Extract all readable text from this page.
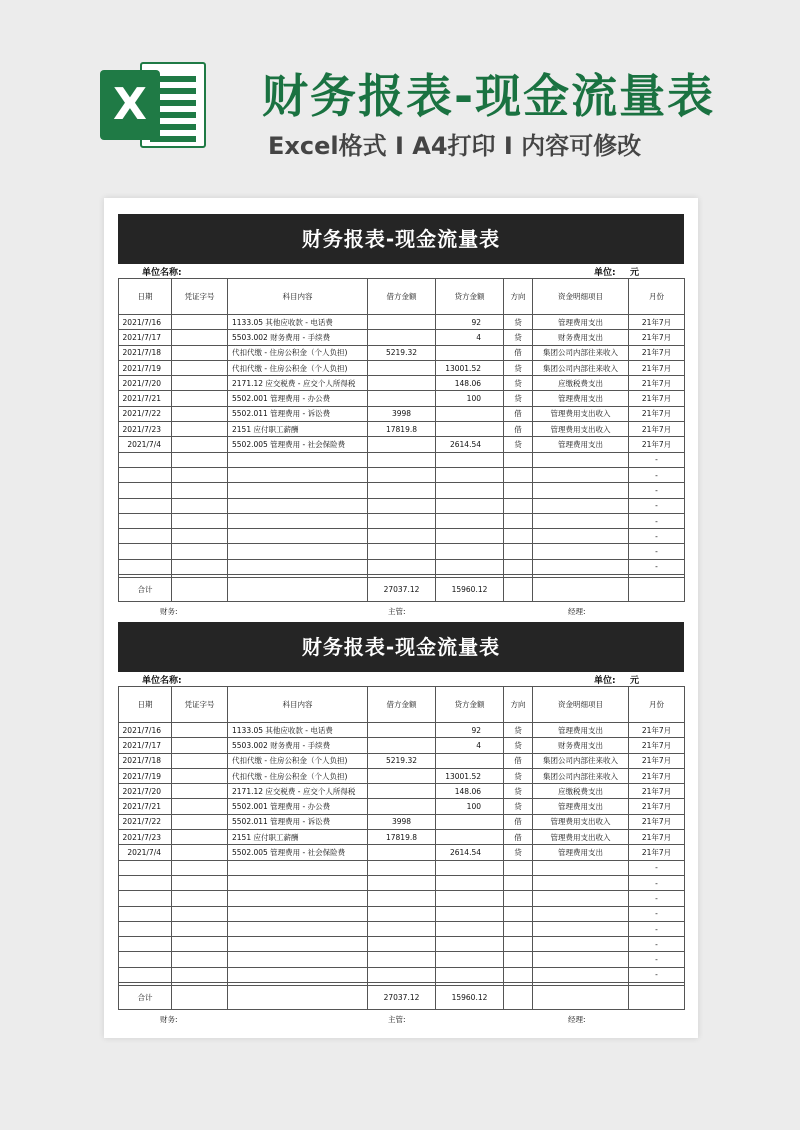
X	财务报表-现金流量表
Excel格式 I A4打印 I 内容可修改
财务报表-现金流量表
单位名称:	单位: 元
日期	凭证字号	科目内容	借方金额	贷方金额	方向	资金明细项目	月份
2021/7/16		1133.05 其他应收款 - 电话费		92	贷	管理费用支出	21年7月
2021/7/17		5503.002 财务费用 - 手续费		4	贷	财务费用支出	21年7月
2021/7/18		代扣代缴 - 住房公积金（个人负担)	5219.32		借	集团公司内部往来收入	21年7月
2021/7/19		代扣代缴 - 住房公积金（个人负担)		13001.52	贷	集团公司内部往来收入	21年7月
2021/7/20		2171.12 应交税费 - 应交个人所得税		148.06	贷	应缴税费支出	21年7月
2021/7/21		5502.001 管理费用 - 办公费		100	贷	管理费用支出	21年7月
2021/7/22		5502.011 管理费用 - 诉讼费	3998		借	管理费用支出收入	21年7月
2021/7/23		2151 应付职工薪酬	17819.8		借	管理费用支出收入	21年7月
2021/7/4		5502.005 管理费用 - 社会保险费		2614.54	贷	管理费用支出	21年7月
							-
							-
							-
							-
							-
							-
							-
							-

合计			27037.12	15960.12			
财务:	主管:	经理:
财务报表-现金流量表
单位名称:	单位: 元
日期	凭证字号	科目内容	借方金额	贷方金额	方向	资金明细项目	月份
2021/7/16		1133.05 其他应收款 - 电话费		92	贷	管理费用支出	21年7月
2021/7/17		5503.002 财务费用 - 手续费		4	贷	财务费用支出	21年7月
2021/7/18		代扣代缴 - 住房公积金（个人负担)	5219.32		借	集团公司内部往来收入	21年7月
2021/7/19		代扣代缴 - 住房公积金（个人负担)		13001.52	贷	集团公司内部往来收入	21年7月
2021/7/20		2171.12 应交税费 - 应交个人所得税		148.06	贷	应缴税费支出	21年7月
2021/7/21		5502.001 管理费用 - 办公费		100	贷	管理费用支出	21年7月
2021/7/22		5502.011 管理费用 - 诉讼费	3998		借	管理费用支出收入	21年7月
2021/7/23		2151 应付职工薪酬	17819.8		借	管理费用支出收入	21年7月
2021/7/4		5502.005 管理费用 - 社会保险费		2614.54	贷	管理费用支出	21年7月
							-
							-
							-
							-
							-
							-
							-
							-

合计			27037.12	15960.12			
财务:	主管:	经理:
